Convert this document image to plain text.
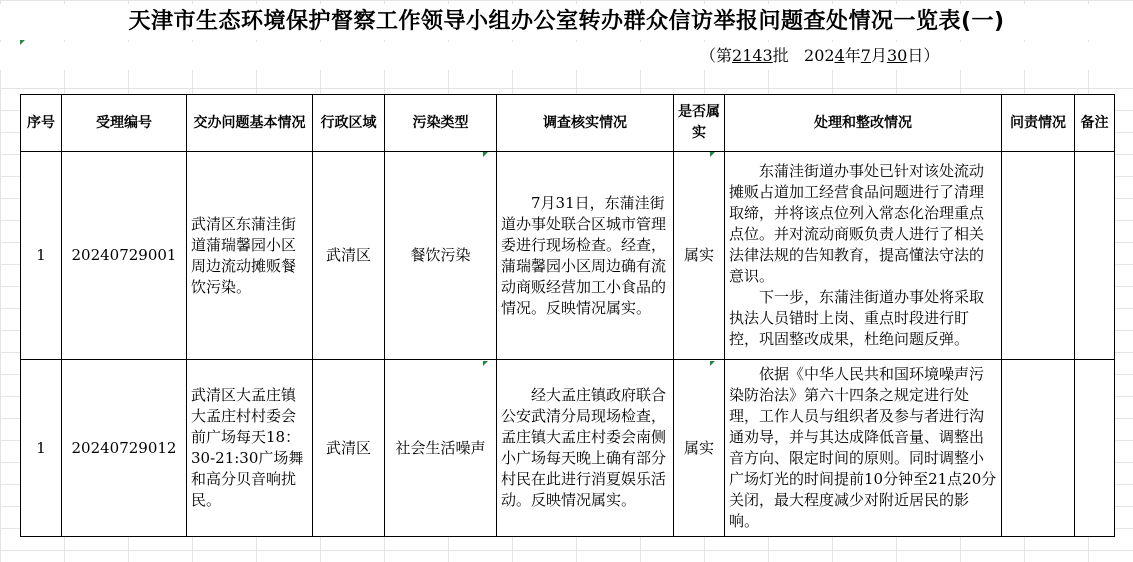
天津市生态环境保护督察工作领导小组办公室转办群众信访举报问题查处情况一览表(一)
（第2143批 2024年7月30日）
序号	受理编号	交办问题基本情况	行政区域	污染类型	调查核实情况	是否属实	处理和整改情况	问责情况	备注
1	20240729001	武清区东蒲洼街道蒲瑞馨园小区周边流动摊贩餐饮污染。	武清区	餐饮污染	7月31日，东蒲洼街道办事处联合区城市管理委进行现场检查。经查，蒲瑞馨园小区周边确有流动商贩经营加工小食品的情况。反映情况属实。	属实	东蒲洼街道办事处已针对该处流动摊贩占道加工经营食品问题进行了清理取缔，并将该点位列入常态化治理重点点位。并对流动商贩负责人进行了相关法律法规的告知教育，提高懂法守法的意识。

下一步，东蒲洼街道办事处将采取执法人员错时上岗、重点时段进行盯控，巩固整改成果，杜绝问题反弹。		

1	20240729012	武清区大孟庄镇大孟庄村村委会前广场每天18：30-21:30广场舞和高分贝音响扰民。	武清区	社会生活噪声	经大孟庄镇政府联合公安武清分局现场检查，孟庄镇大孟庄村委会南侧小广场每天晚上确有部分村民在此进行消夏娱乐活动。反映情况属实。	属实	依据《中华人民共和国环境噪声污染防治法》第六十四条之规定进行处理，工作人员与组织者及参与者进行沟通劝导，并与其达成降低音量、调整出音方向、限定时间的原则。同时调整小广场灯光的时间提前10分钟至21点20分关闭，最大程度减少对附近居民的影响。		
